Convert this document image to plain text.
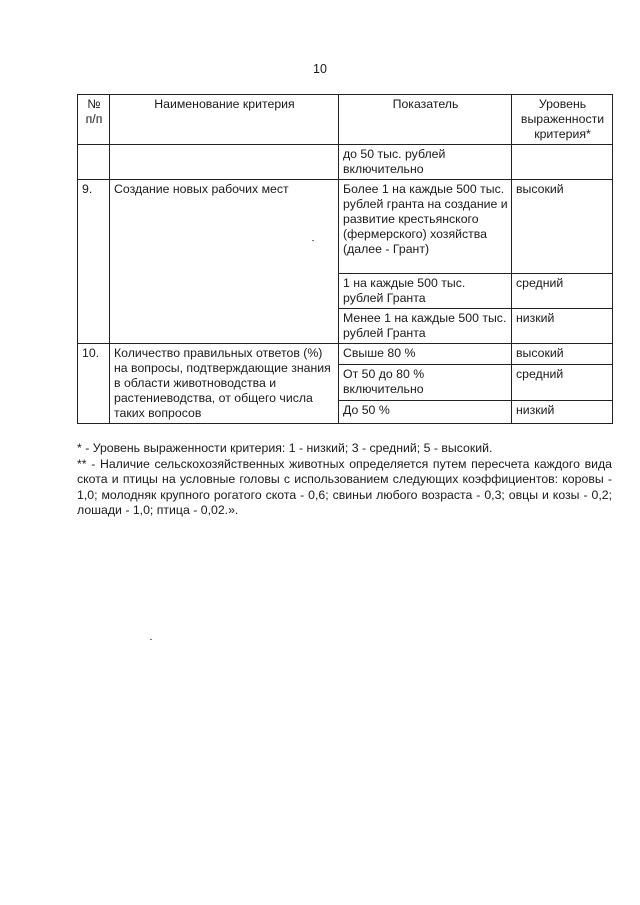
10
№ п/п	Наименование критерия	Показатель	Уровень выраженности критерия*
		до 50 тыс. рублей включительно	
9.	Создание новых рабочих мест	Более 1 на каждые 500 тыс. рублей гранта на создание и развитие крестьянского (фермерского) хозяйства (далее - Грант)	высокий
		1 на каждые 500 тыс. рублей Гранта	средний
		Менее 1 на каждые 500 тыс. рублей Гранта	низкий
10.	Количество правильных ответов (%) на вопросы, подтверждающие знания в области животноводства и растениеводства, от общего числа таких вопросов	Свыше 80 %	высокий
		От 50 до 80 % включительно	средний
		До 50 %	низкий

* - Уровень выраженности критерия: 1 - низкий; 3 - средний; 5 - высокий.

** - Наличие сельскохозяйственных животных определяется путем пересчета каждого вида скота и птицы на условные головы с использованием следующих коэффициентов: коровы - 1,0; молодняк крупного рогатого скота - 0,6; свиньи любого возраста - 0,3; овцы и козы - 0,2; лошади - 1,0; птица - 0,02.».
